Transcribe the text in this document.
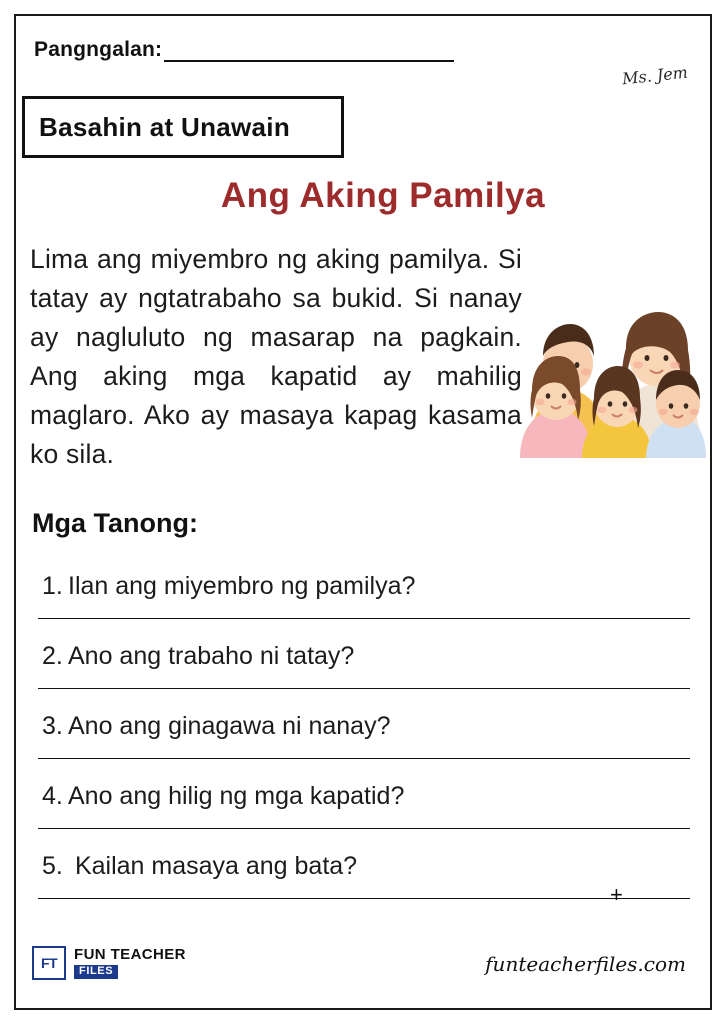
Pangngalan:
Ms. Jem
Basahin at Unawain
Ang Aking Pamilya
Lima ang miyembro ng aking pamilya. Si tatay ay ngtatrabaho sa bukid. Si nanay ay nagluluto ng masarap na pagkain. Ang aking mga kapatid ay mahilig maglaro. Ako ay masaya kapag kasama ko sila.
Mga Tanong:
1. Ilan ang miyembro ng pamilya?
2. Ano ang trabaho ni tatay?
3. Ano ang ginagawa ni nanay?
4. Ano ang hilig ng mga kapatid?
5. Kailan masaya ang bata?
+
FT
FUN TEACHER
FILES	funteacherfiles.com
